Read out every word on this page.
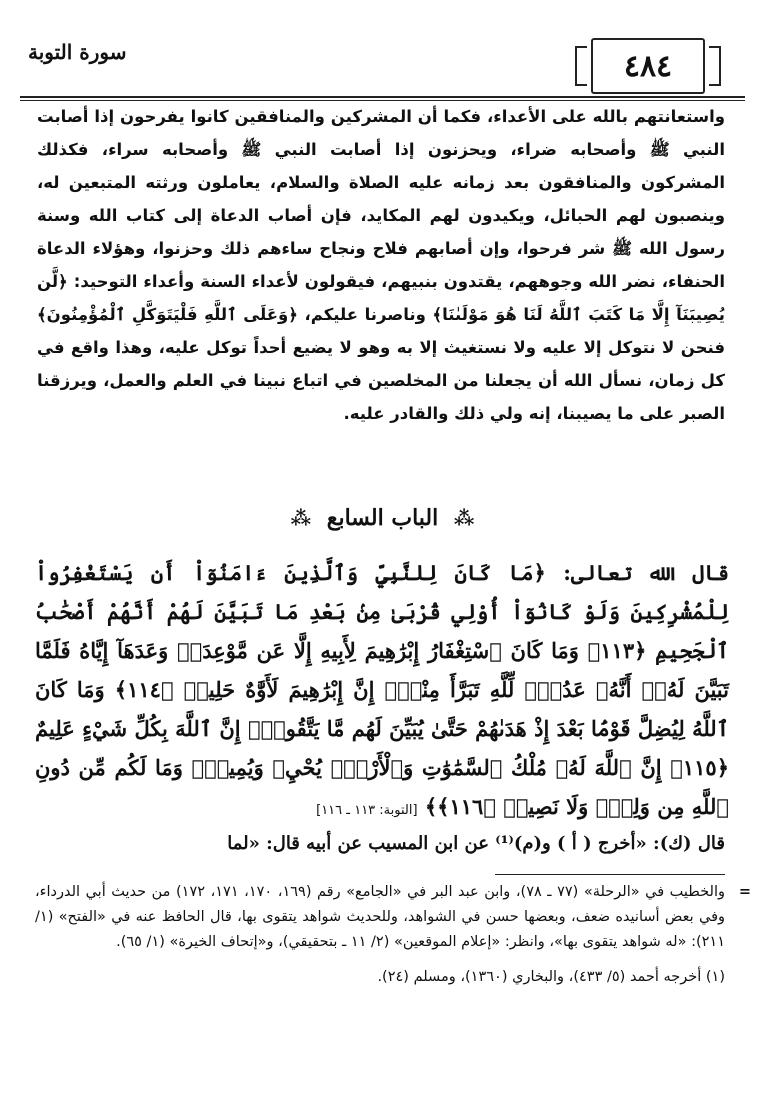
سورة التوبة	٤٨٤

واستعانتهم بالله على الأعداء، فكما أن المشركين والمنافقين كانوا يفرحون إذا أصابت النبي ﷺ وأصحابه ضراء، ويحزنون إذا أصابت النبي ﷺ وأصحابه سراء، فكذلك المشركون والمنافقون بعد زمانه عليه الصلاة والسلام، يعاملون ورثته المتبعين له، وينصبون لهم الحبائل، ويكيدون لهم المكايد، فإن أصاب الدعاة إلى كتاب الله وسنة رسول الله ﷺ شر فرحوا، وإن أصابهم فلاح ونجاح ساءهم ذلك وحزنوا، وهؤلاء الدعاة الحنفاء، نضر الله وجوههم، يقتدون بنبيهم، فيقولون لأعداء السنة وأعداء التوحيد: ﴿لَّن يُصِيبَنَآ إِلَّا مَا كَتَبَ ٱللَّهُ لَنَا هُوَ مَوْلَىٰنَا﴾ وناصرنا عليكم، ﴿وَعَلَى ٱللَّهِ فَلْيَتَوَكَّلِ ٱلْمُؤْمِنُونَ﴾ فنحن لا نتوكل إلا عليه ولا نستغيث إلا به وهو لا يضيع أحداً توكل عليه، وهذا واقع في كل زمان، نسأل الله أن يجعلنا من المخلصين في اتباع نبينا في العلم والعمل، ويرزقنا الصبر على ما يصيبنا، إنه ولي ذلك والقادر عليه.

⁂ الباب السابع ⁂

قال الله تعالى: ﴿مَا كَانَ لِلنَّبِيِّ وَٱلَّذِينَ ءَامَنُوٓاْ أَن يَسْتَغْفِرُواْ لِلْمُشْرِكِينَ وَلَوْ كَانُوٓاْ أُوْلِي قُرْبَىٰ مِنۢ بَعْدِ مَا تَبَيَّنَ لَهُمْ أَنَّهُمْ أَصْحَٰبُ ٱلْجَحِيمِ ﴿١١٣﴾ وَمَا كَانَ ٱسْتِغْفَارُ إِبْرَٰهِيمَ لِأَبِيهِ إِلَّا عَن مَّوْعِدَةٖ وَعَدَهَآ إِيَّاهُ فَلَمَّا تَبَيَّنَ لَهُۥٓ أَنَّهُۥ عَدُوّٞ لِّلَّهِ تَبَرَّأَ مِنْهُۚ إِنَّ إِبْرَٰهِيمَ لَأَوَّٰهٌ حَلِيمٞ ﴿١١٤﴾ وَمَا كَانَ ٱللَّهُ لِيُضِلَّ قَوْمَۢا بَعْدَ إِذْ هَدَىٰهُمْ حَتَّىٰ يُبَيِّنَ لَهُم مَّا يَتَّقُونَۚ إِنَّ ٱللَّهَ بِكُلِّ شَيْءٍ عَلِيمٌ ﴿١١٥﴾ إِنَّ ٱللَّهَ لَهُۥ مُلْكُ ٱلسَّمَٰوَٰتِ وَٱلْأَرْضِۖ يُحْيِۦ وَيُمِيتُۚ وَمَا لَكُم مِّن دُونِ ٱللَّهِ مِن وَلِيّٖ وَلَا نَصِيرٖ ﴿١١٦﴾﴾ [التوبة: ١١٣ ـ ١١٦]

قال (ك): «أخرج ( أ ) و(م)⁽¹⁾ عن ابن المسيب عن أبيه قال: «لما

=
والخطيب في «الرحلة» (٧٧ ـ ٧٨)، وابن عبد البر في «الجامع» رقم (١٦٩، ١٧٠، ١٧١، ١٧٢) من حديث أبي الدرداء، وفي بعض أسانيده ضعف، وبعضها حسن في الشواهد، وللحديث شواهد يتقوى بها، قال الحافظ عنه في «الفتح» (١/ ٢١١): «له شواهد يتقوى بها»، وانظر: «إعلام الموقعين» (٢/ ١١ ـ بتحقيقي)، و«إتحاف الخيرة» (١/ ٦٥).

(١) أخرجه أحمد (٥/ ٤٣٣)، والبخاري (١٣٦٠)، ومسلم (٢٤).
